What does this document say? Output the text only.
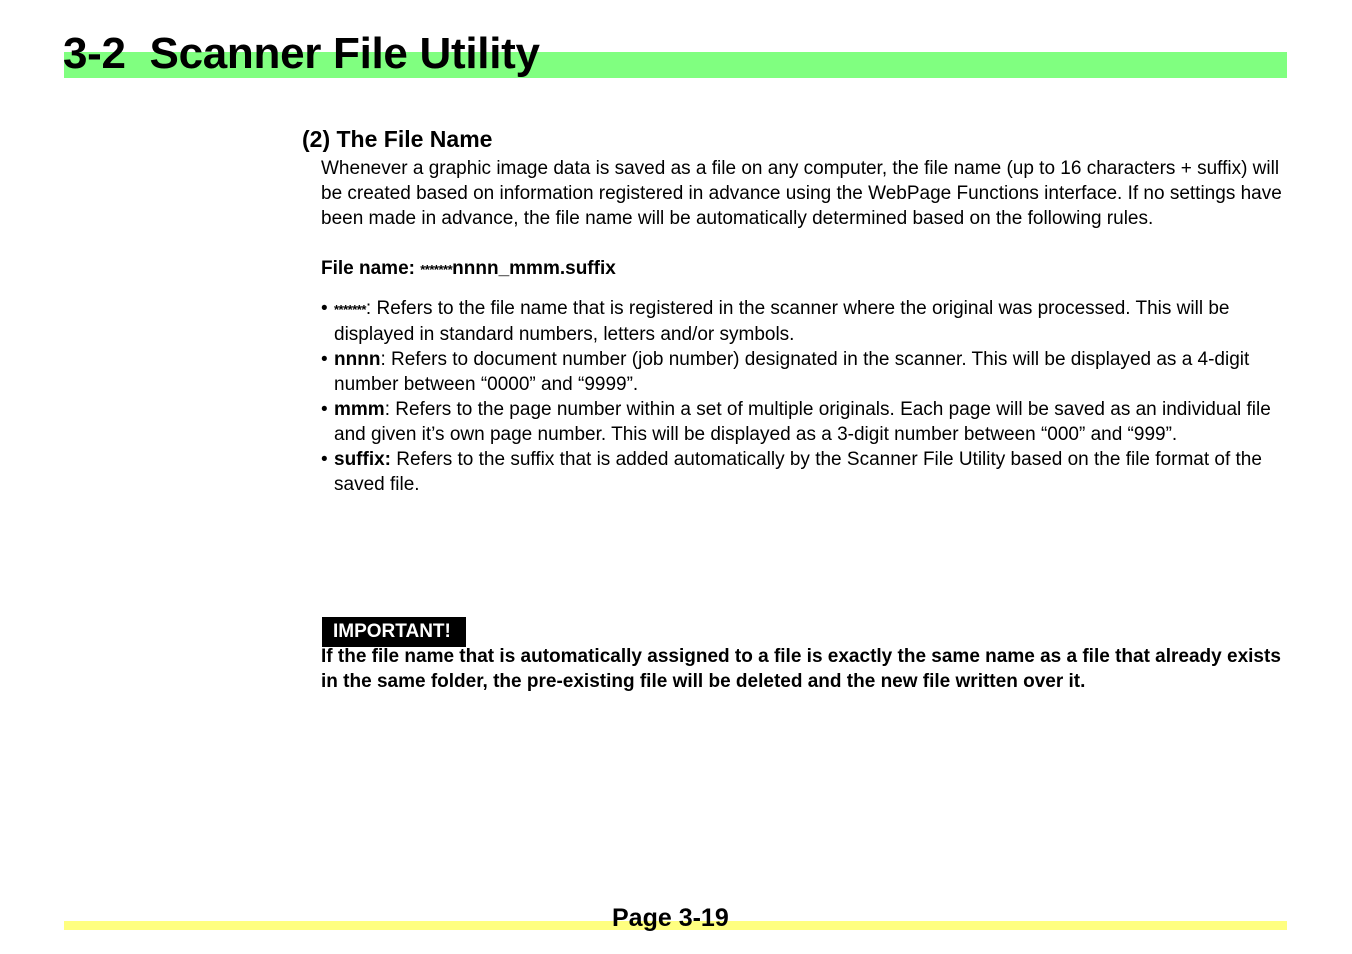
3-2  Scanner File Utility
(2) The File Name

Whenever a graphic image data is saved as a file on any computer, the file name (up to 16 characters + suffix) will be created based on information registered in advance using the WebPage Functions interface. If no settings have been made in advance, the file name will be automatically determined based on the following rules.

File name: *******nnnn_mmm.suffix

• *******: Refers to the file name that is registered in the scanner where the original was processed. This will be displayed in standard numbers, letters and/or symbols.
• nnnn: Refers to document number (job number) designated in the scanner. This will be displayed as a 4-digit number between “0000” and “9999”.
• mmm: Refers to the page number within a set of multiple originals. Each page will be saved as an individual file and given it’s own page number. This will be displayed as a 3-digit number between “000” and “999”.
• suffix: Refers to the suffix that is added automatically by the Scanner File Utility based on the file format of the saved file.
IMPORTANT!

If the file name that is automatically assigned to a file is exactly the same name as a file that already exists in the same folder, the pre-existing file will be deleted and the new file written over it.

Page 3-19
